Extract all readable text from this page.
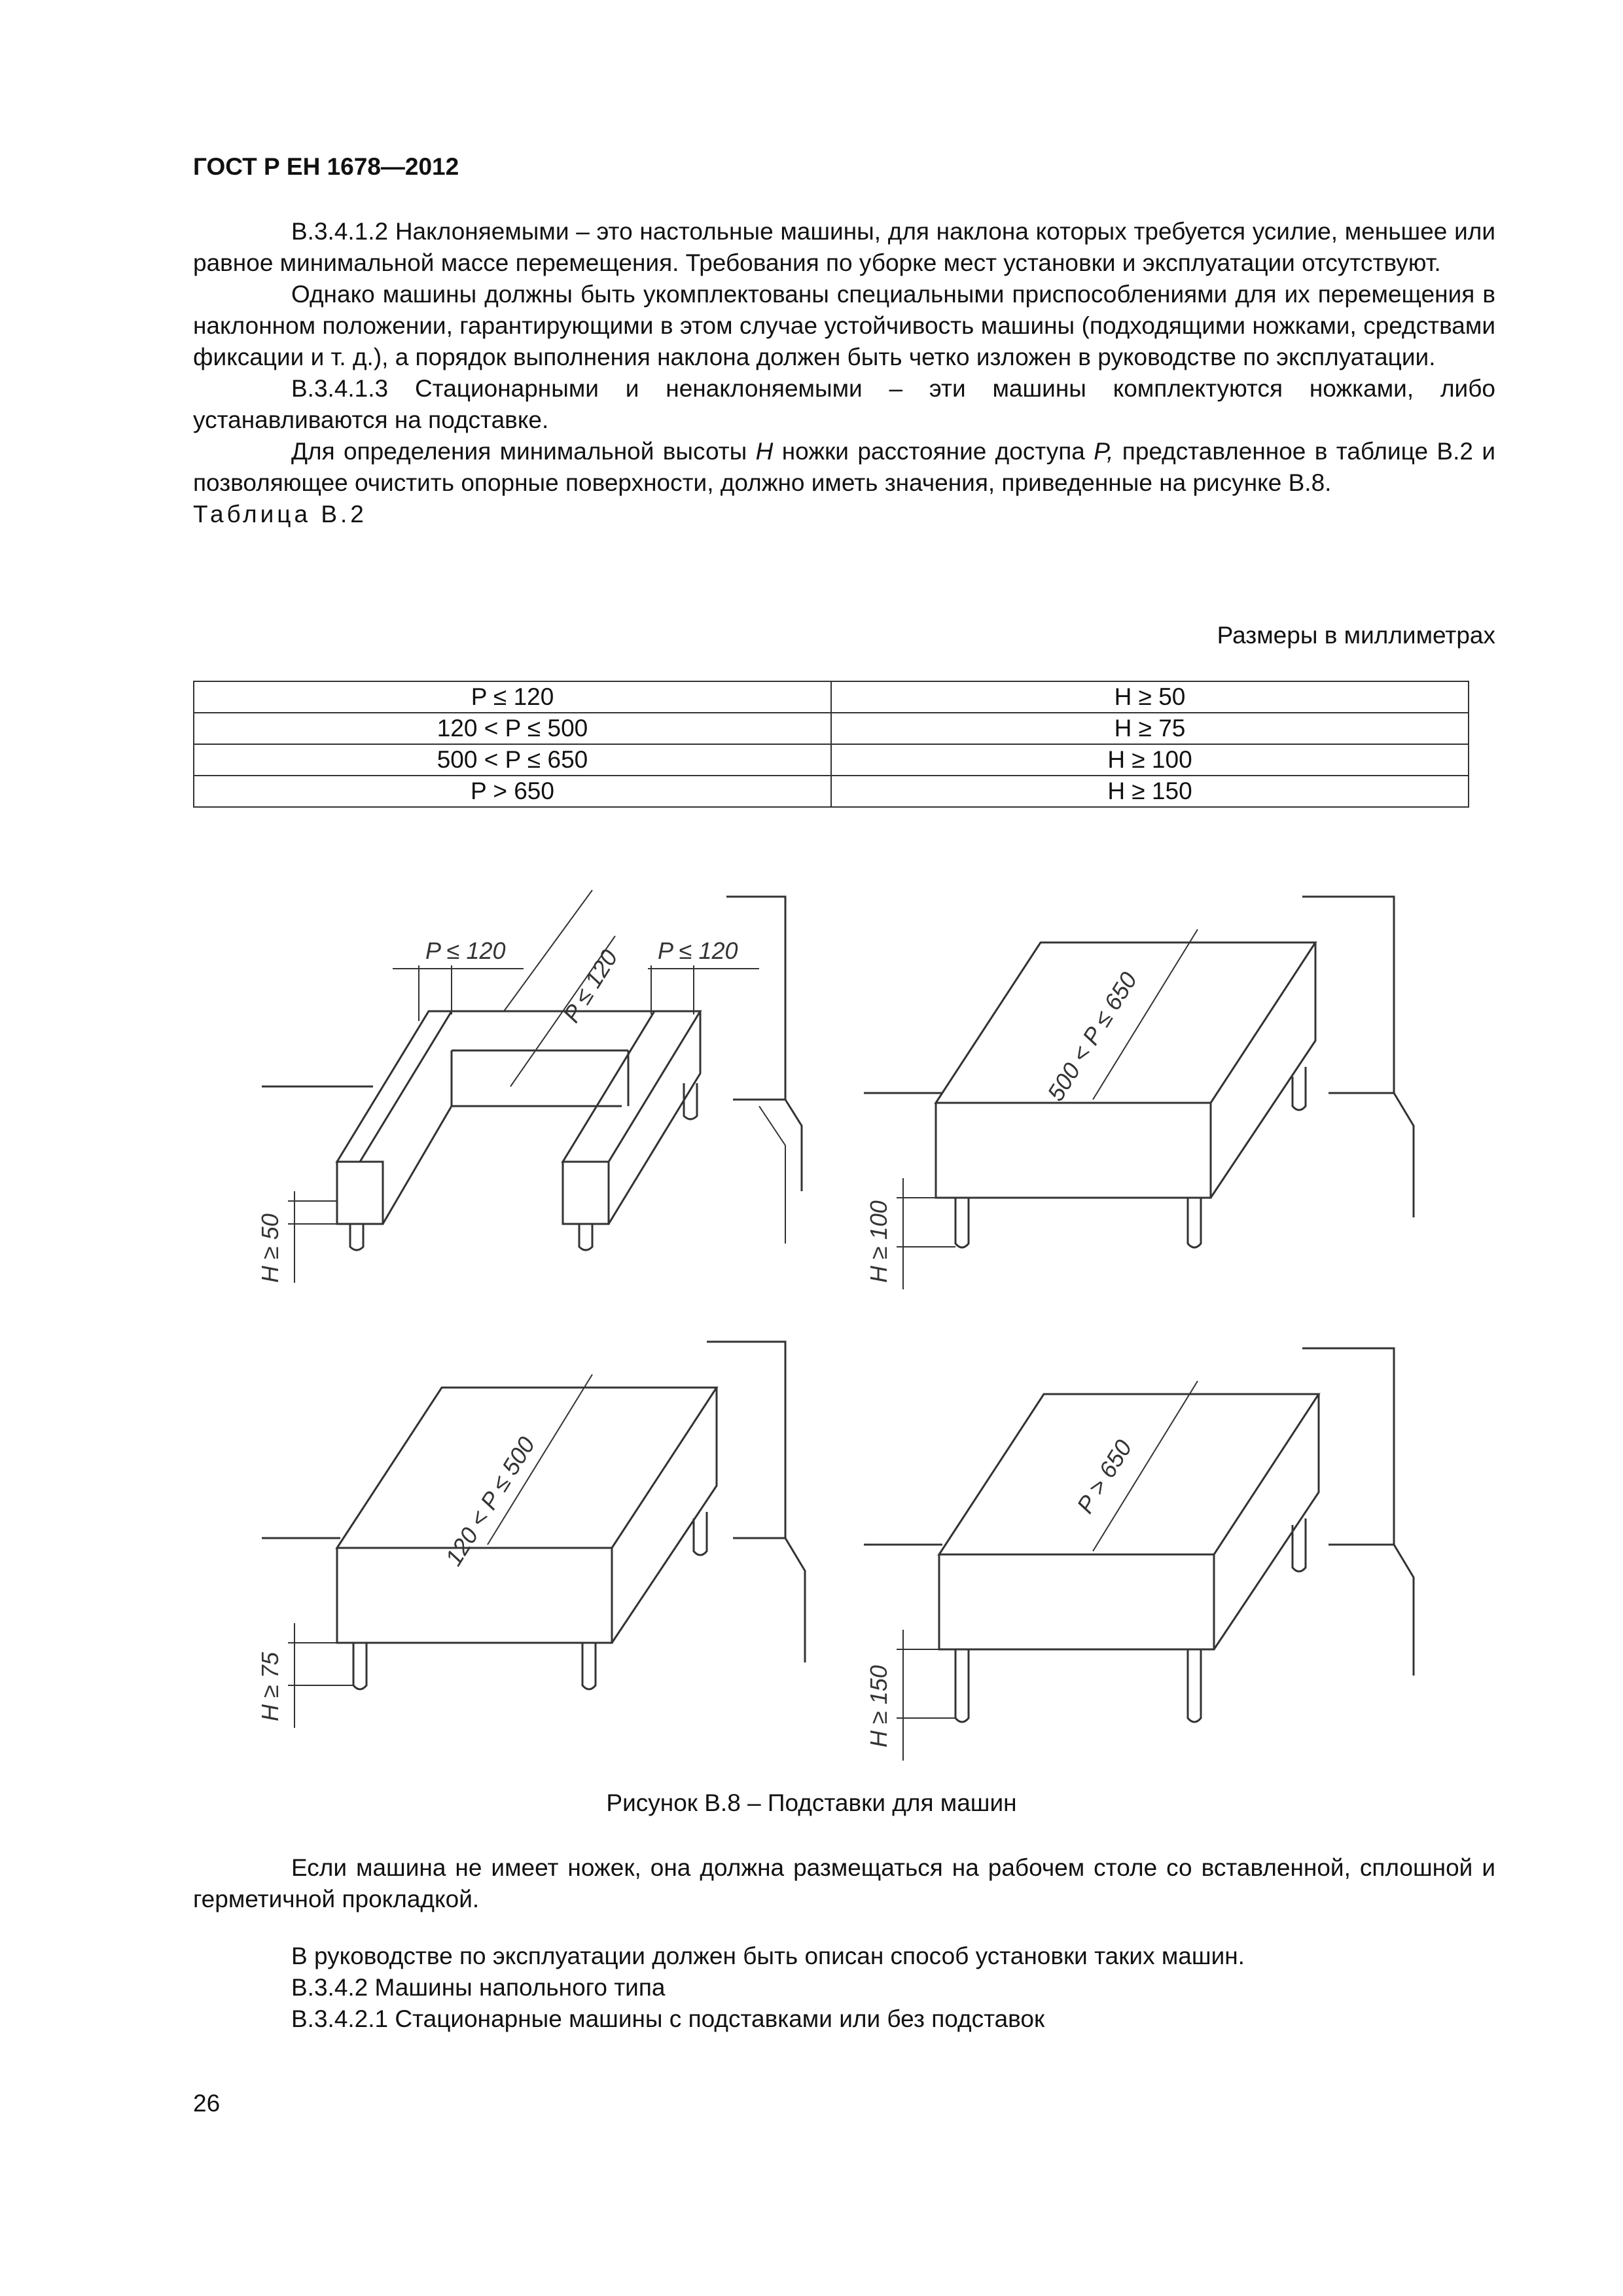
ГОСТ Р ЕН 1678—2012

В.3.4.1.2 Наклоняемыми – это настольные машины, для наклона которых требуется усилие, меньшее или равное минимальной массе перемещения. Требования по уборке мест установки и эксплуатации отсутствуют.

Однако машины должны быть укомплектованы специальными приспособлениями для их перемещения в наклонном положении, гарантирующими в этом случае устойчивость машины (подходящими ножками, средствами фиксации и т. д.), а порядок выполнения наклона должен быть четко изложен в руководстве по эксплуатации.

В.3.4.1.3 Стационарными и ненаклоняемыми – эти машины комплектуются ножками, либо устанавливаются на подставке.

Для определения минимальной высоты H ножки расстояние доступа P, представленное в таблице В.2 и позволяющее очистить опорные поверхности, должно иметь значения, приведенные на рисунке В.8.

Таблица В.2

Размеры в миллиметрах
P ≤ 120	H ≥ 50
120 < P ≤ 500	H ≥ 75
500 < P ≤ 650	H ≥ 100
P > 650	H ≥ 150
P ≤ 120	P ≤ 120
P ≤ 120
H ≥ 50
500 < P ≤ 650
H ≥ 100
120 < P ≤ 500
H ≥ 75
P > 650
H ≥ 150
Рисунок В.8 – Подставки для машин

Если машина не имеет ножек, она должна размещаться на рабочем столе со вставленной, сплошной и герметичной прокладкой.

В руководстве по эксплуатации должен быть описан способ установки таких машин.

В.3.4.2 Машины напольного типа

В.3.4.2.1 Стационарные машины с подставками или без подставок

26
